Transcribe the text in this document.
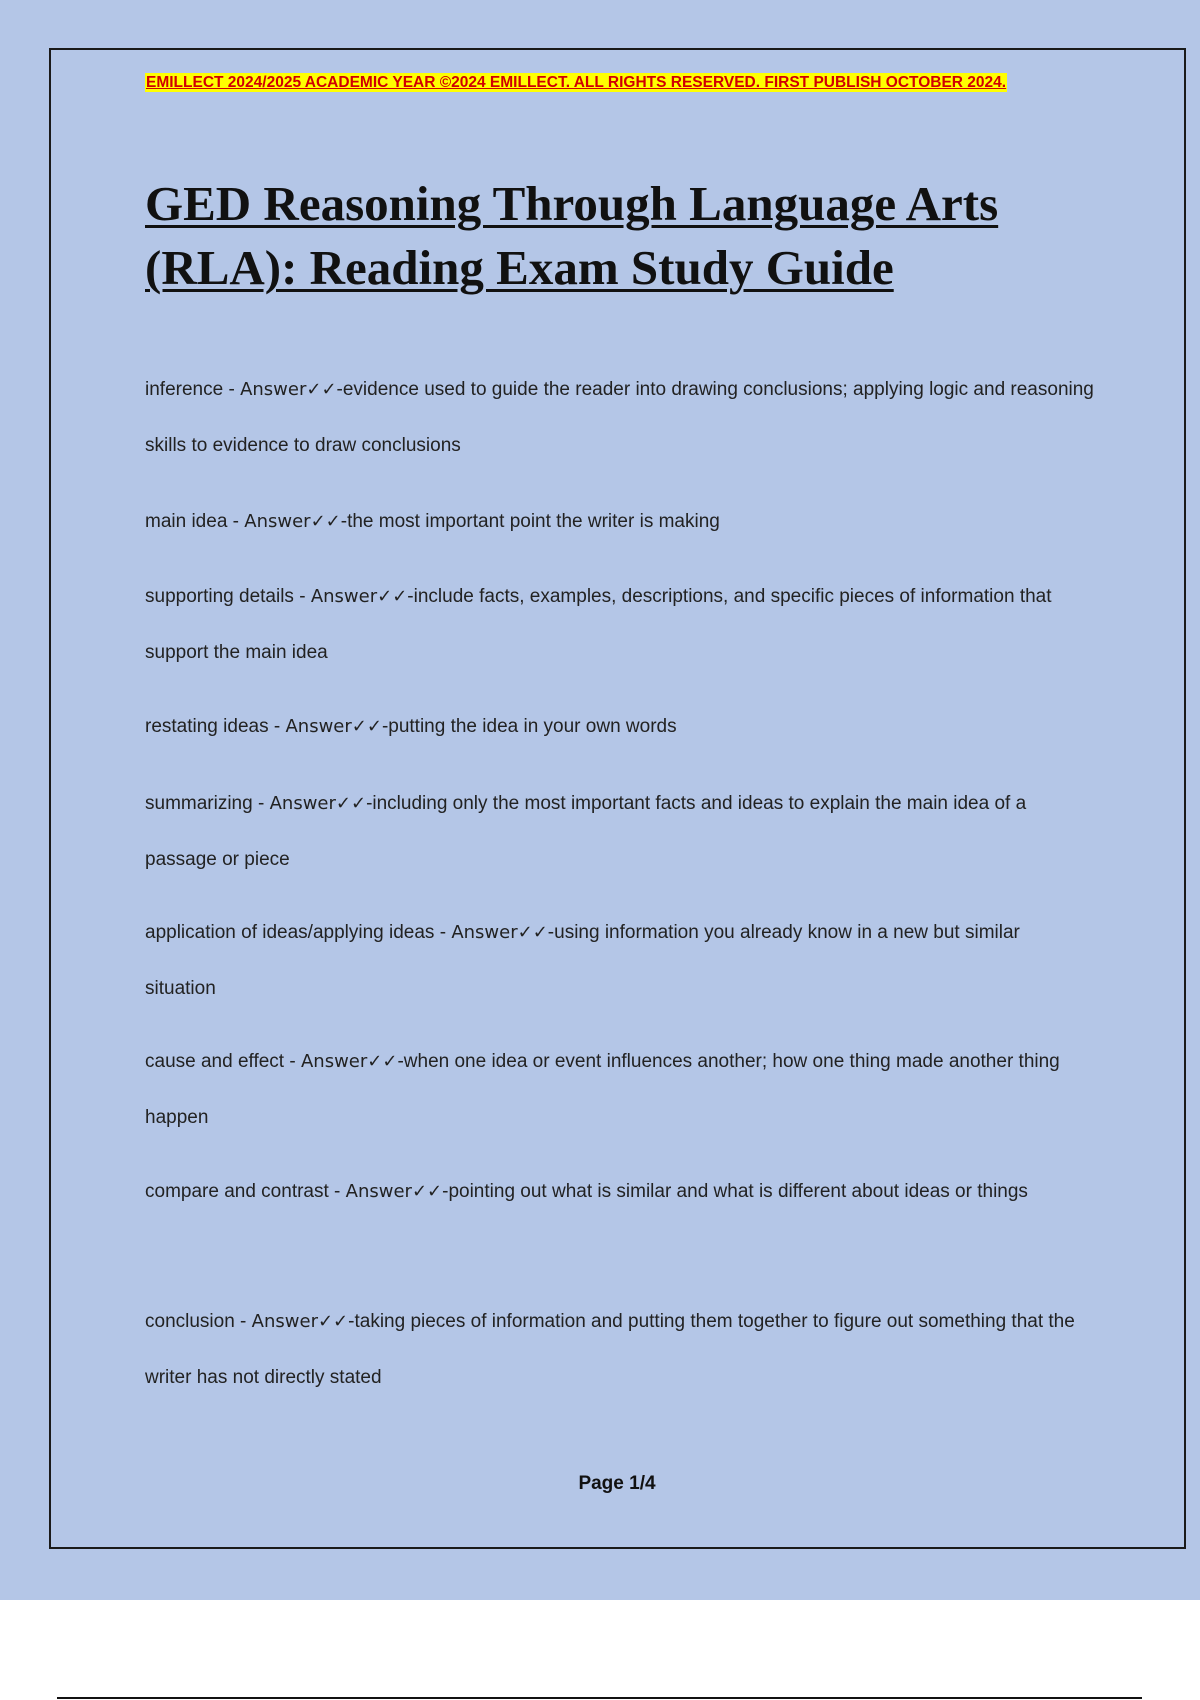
EMILLECT 2024/2025 ACADEMIC YEAR ©2024 EMILLECT. ALL RIGHTS RESERVED. FIRST PUBLISH OCTOBER 2024.

GED Reasoning Through Language Arts
(RLA): Reading Exam Study Guide

inference - Answer✓✓-evidence used to guide the reader into drawing conclusions; applying logic and reasoning skills to evidence to draw conclusions

main idea - Answer✓✓-the most important point the writer is making

supporting details - Answer✓✓-include facts, examples, descriptions, and specific pieces of information that support the main idea

restating ideas - Answer✓✓-putting the idea in your own words

summarizing - Answer✓✓-including only the most important facts and ideas to explain the main idea of a passage or piece

application of ideas/applying ideas - Answer✓✓-using information you already know in a new but similar situation

cause and effect - Answer✓✓-when one idea or event influences another; how one thing made another thing happen

compare and contrast - Answer✓✓-pointing out what is similar and what is different about ideas or things

conclusion - Answer✓✓-taking pieces of information and putting them together to figure out something that the writer has not directly stated

Page 1/4
